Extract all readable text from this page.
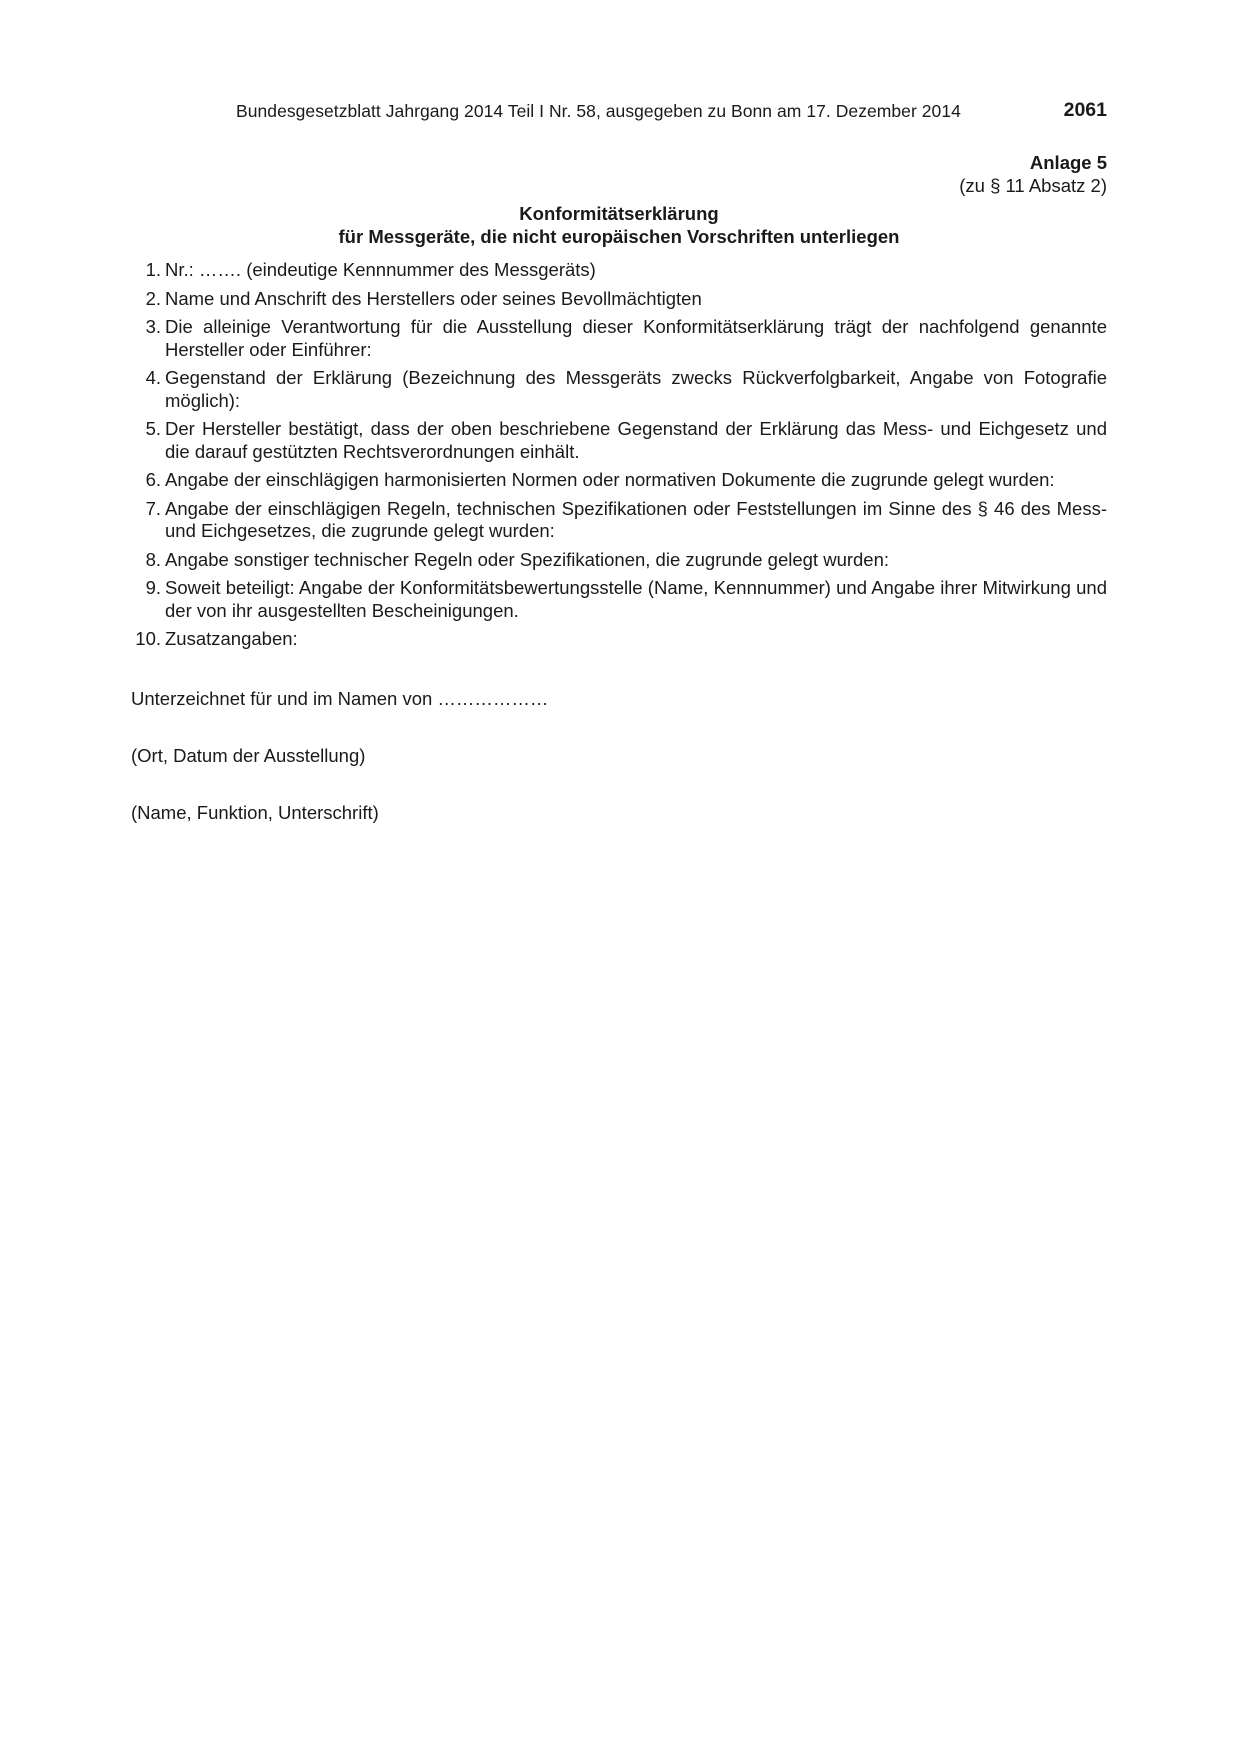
Bundesgesetzblatt Jahrgang 2014 Teil I Nr. 58, ausgegeben zu Bonn am 17. Dezember 2014	2061
Anlage 5
(zu § 11 Absatz 2)
Konformitätserklärung
für Messgeräte, die nicht europäischen Vorschriften unterliegen
1. Nr.: ……. (eindeutige Kennnummer des Messgeräts)
2. Name und Anschrift des Herstellers oder seines Bevollmächtigten
3. Die alleinige Verantwortung für die Ausstellung dieser Konformitätserklärung trägt der nachfolgend genannte Hersteller oder Einführer:
4. Gegenstand der Erklärung (Bezeichnung des Messgeräts zwecks Rückverfolgbarkeit, Angabe von Fotografie möglich):
5. Der Hersteller bestätigt, dass der oben beschriebene Gegenstand der Erklärung das Mess- und Eichgesetz und die darauf gestützten Rechtsverordnungen einhält.
6. Angabe der einschlägigen harmonisierten Normen oder normativen Dokumente die zugrunde gelegt wurden:
7. Angabe der einschlägigen Regeln, technischen Spezifikationen oder Feststellungen im Sinne des § 46 des Mess- und Eichgesetzes, die zugrunde gelegt wurden:
8. Angabe sonstiger technischer Regeln oder Spezifikationen, die zugrunde gelegt wurden:
9. Soweit beteiligt: Angabe der Konformitätsbewertungsstelle (Name, Kennnummer) und Angabe ihrer Mitwirkung und der von ihr ausgestellten Bescheinigungen.
10. Zusatzangaben:
Unterzeichnet für und im Namen von ………………
(Ort, Datum der Ausstellung)
(Name, Funktion, Unterschrift)
